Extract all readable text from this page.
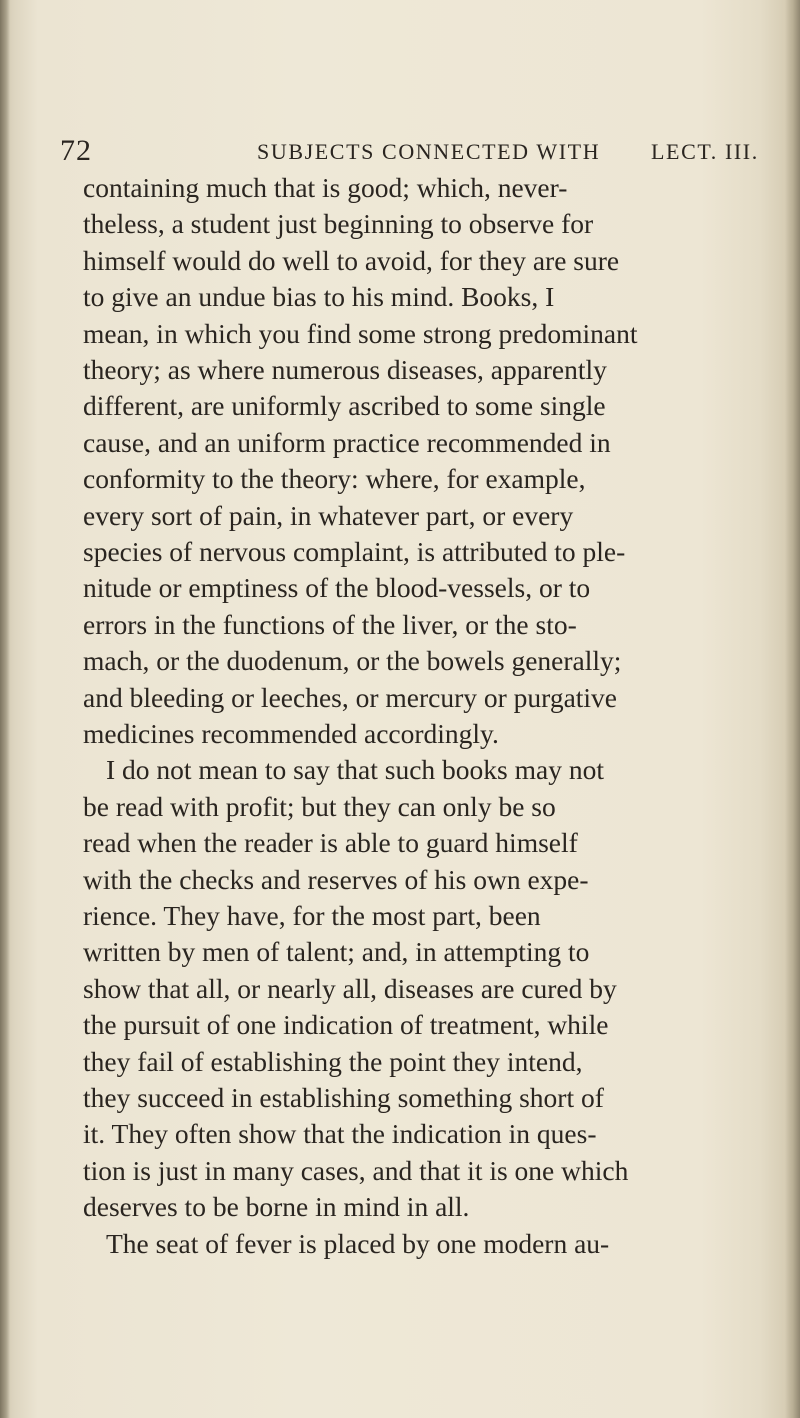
72	SUBJECTS CONNECTED WITH LECT. III.
containing much that is good; which, never-
theless, a student just beginning to observe for
himself would do well to avoid, for they are sure
to give an undue bias to his mind. Books, I
mean, in which you find some strong predominant
theory; as where numerous diseases, apparently
different, are uniformly ascribed to some single
cause, and an uniform practice recommended in
conformity to the theory: where, for example,
every sort of pain, in whatever part, or every
species of nervous complaint, is attributed to ple-
nitude or emptiness of the blood-vessels, or to
errors in the functions of the liver, or the sto-
mach, or the duodenum, or the bowels generally;
and bleeding or leeches, or mercury or purgative
medicines recommended accordingly.
I do not mean to say that such books may not
be read with profit; but they can only be so
read when the reader is able to guard himself
with the checks and reserves of his own expe-
rience. They have, for the most part, been
written by men of talent; and, in attempting to
show that all, or nearly all, diseases are cured by
the pursuit of one indication of treatment, while
they fail of establishing the point they intend,
they succeed in establishing something short of
it. They often show that the indication in ques-
tion is just in many cases, and that it is one which
deserves to be borne in mind in all.
The seat of fever is placed by one modern au-
